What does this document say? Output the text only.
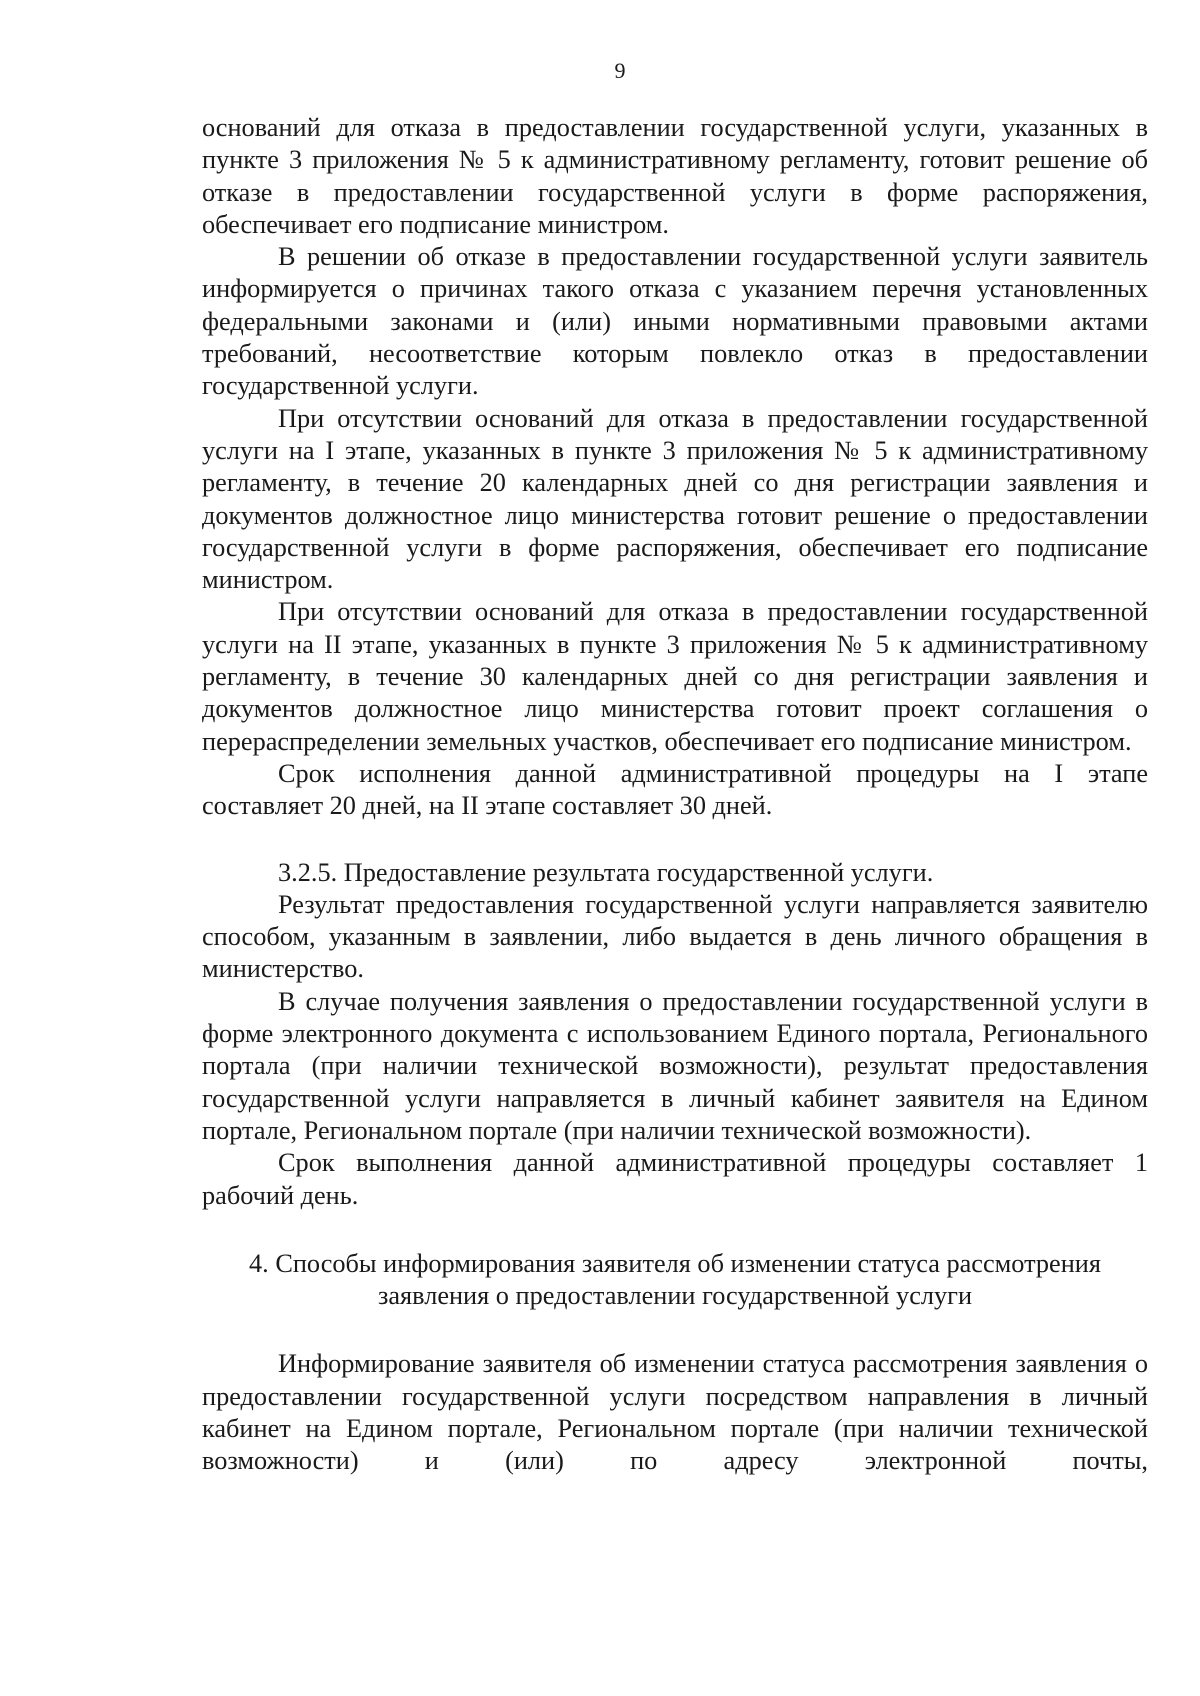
9

оснований для отказа в предоставлении государственной услуги, указанных в пункте 3 приложения № 5 к административному регламенту, готовит решение об отказе в предоставлении государственной услуги в форме распоряжения, обеспечивает его подписание министром.

В решении об отказе в предоставлении государственной услуги заявитель информируется о причинах такого отказа с указанием перечня установленных федеральными законами и (или) иными нормативными правовыми актами требований, несоответствие которым повлекло отказ в предоставлении государственной услуги.

При отсутствии оснований для отказа в предоставлении государственной услуги на I этапе, указанных в пункте 3 приложения № 5 к административному регламенту, в течение 20 календарных дней со дня регистрации заявления и документов должностное лицо министерства готовит решение о предоставлении государственной услуги в форме распоряжения, обеспечивает его подписание министром.

При отсутствии оснований для отказа в предоставлении государственной услуги на II этапе, указанных в пункте 3 приложения № 5 к административному регламенту, в течение 30 календарных дней со дня регистрации заявления и документов должностное лицо министерства готовит проект соглашения о перераспределении земельных участков, обеспечивает его подписание министром.

Срок исполнения данной административной процедуры на I этапе составляет 20 дней, на II этапе составляет 30 дней.

3.2.5. Предоставление результата государственной услуги.

Результат предоставления государственной услуги направляется заявителю способом, указанным в заявлении, либо выдается в день личного обращения в министерство.

В случае получения заявления о предоставлении государственной услуги в форме электронного документа с использованием Единого портала, Регионального портала (при наличии технической возможности), результат предоставления государственной услуги направляется в личный кабинет заявителя на Едином портале, Региональном портале (при наличии технической возможности).

Срок выполнения данной административной процедуры составляет 1 рабочий день.

4. Способы информирования заявителя об изменении статуса рассмотрения заявления о предоставлении государственной услуги

Информирование заявителя об изменении статуса рассмотрения заявления о предоставлении государственной услуги посредством направления в личный кабинет на Едином портале, Региональном портале (при наличии технической возможности) и (или) по адресу электронной почты,
